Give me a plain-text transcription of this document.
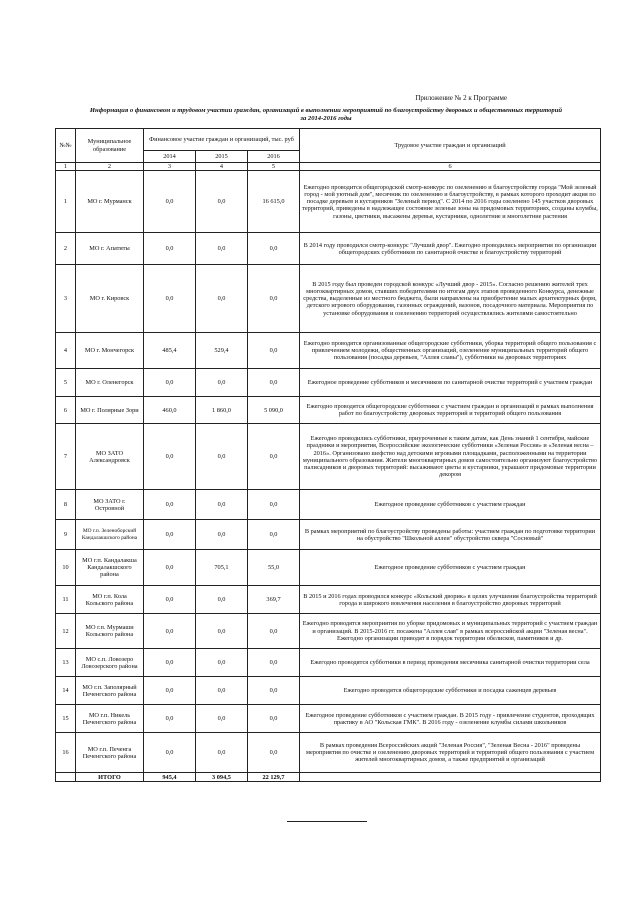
Приложение № 2 к Программе
Информация о финансовом и трудовом участии граждан, организаций в выполнении мероприятий по благоустройству дворовых и общественных территорий
за 2014-2016 годы
№№	Муниципальное образование	Финансовое участие граждан и организаций, тыс. руб			Трудовое участие граждан и организаций
		2014	2015	2016	
1	2	3	4	5	6
1	МО г. Мурманск	0,0	0,0	16 615,0	Ежегодно проводится общегородской смотр-конкурс по озеленению и благоустройству города "Мой зеленый город - мой уютный дом", месячник по озеленению и благоустройству, в рамках которого проходит акция по посадке деревьев и кустарников "Зеленый период". С 2014 по 2016 годы озеленено 145 участков дворовых территорий, приведены в надлежащее состояние зеленые зоны на придомовых территориях, созданы клумбы, газоны, цветники, высажены деревья, кустарники, однолетние и многолетние растения
2	МО г. Апатиты	0,0	0,0	0,0	В 2014 году проводился смотр-конкурс "Лучший двор". Ежегодно проводились мероприятия по организации общегородских субботников по санитарной очистке и благоустройству территорий
3	МО г. Кировск	0,0	0,0	0,0	В 2015 году был проведен городской конкурс «Лучший двор - 2015». Согласно решению жителей трех многоквартирных домов, ставших победителями по итогам двух этапов проведенного Конкурса, денежные средства, выделенные из местного бюджета, были направлены на приобретение малых архитектурных форм, детского игрового оборудования, газонных ограждений, вазонов, посадочного материала. Мероприятия по установке оборудования и озеленению территорий осуществлялись жителями самостоятельно
4	МО г. Мончегорск	485,4	529,4	0,0	Ежегодно проводятся организованные общегородские субботники, уборка территорий общего пользования с привлечением молодежи, общественных организаций, озеленение муниципальных территорий общего пользования (посадка деревьев, "Аллея славы"), субботники на дворовых территориях
5	МО г. Оленегорск	0,0	0,0	0,0	Ежегодное проведение субботников и месячников по санитарной очистке территорий с участием граждан
6	МО г. Полярные Зори	460,0	1 860,0	5 090,0	Ежегодно проводятся общегородские субботники с участием граждан и организаций в рамках выполнения работ по благоустройству дворовых территорий и территорий общего пользования
7	МО ЗАТО Александровск	0,0	0,0	0,0	Ежегодно проводились субботники, приуроченные к таким датам, как День знаний 1 сентября, майские праздники и мероприятия, Всероссийские экологические субботники «Зеленая Россия» и «Зеленая весна – 2016». Организовано шефство над детскими игровыми площадками, расположенными на территории муниципального образования. Жители многоквартирных домов самостоятельно организуют благоустройство палисадников и дворовых территорий: высаживают цветы и кустарники, украшают придомовые территории декором
8	МО ЗАТО г. Островной	0,0	0,0	0,0	Ежегодное проведение субботников с участием граждан
9	МО г.п. Зеленоборский Кандалакшского района	0,0	0,0	0,0	В рамках мероприятий по благоустройству проведены работы: участием граждан по подготовке территории на обустройство "Школьной аллеи" обустройство сквера "Сосновый"
10	МО г.п. Кандалакша Кандалакшского района	0,0	705,1	55,0	Ежегодное проведение субботников с участием граждан
11	МО г.п. Кола Кольского района	0,0	0,0	369,7	В 2015 и 2016 годах проводился конкурс «Кольский дворик» в целях улучшения благоустройства территорий города и широкого вовлечения населения в благоустройство дворовых территорий
12	МО г.п. Мурмаши Кольского района	0,0	0,0	0,0	Ежегодно проводятся мероприятия по уборке придомовых и муниципальных территорий с участием граждан и организаций. В 2015-2016 гг. посажена "Аллея слав" в рамках всероссийской акции "Зеленая весна". Ежегодно организации приводят в порядок территории обелисков, памятников и др.
13	МО с.п. Ловозеро Ловозерского района	0,0	0,0	0,0	Ежегодно проводятся субботники в период проведения месячника санитарной очистки территории села
14	МО г.п. Заполярный Печенгского района	0,0	0,0	0,0	Ежегодно проводятся общегородские субботники и посадка саженцев деревьев
15	МО г.п. Никель Печенгского района	0,0	0,0	0,0	Ежегодное проведение субботников с участием граждан. В 2015 году - привлечение студентов, проходящих практику в АО "Кольская ГМК". В 2016 году - озеленение клумбы силами школьников
16	МО г.п. Печенга Печенгского района	0,0	0,0	0,0	В рамках проведения Всероссийских акций "Зеленая Россия", "Зеленая Весна - 2016" проведены мероприятия по очистке и озеленению дворовых территорий и территорий общего пользования с участием жителей многоквартирных домов, а также предприятий и организаций
	ИТОГО	945,4	3 094,5	22 129,7	
